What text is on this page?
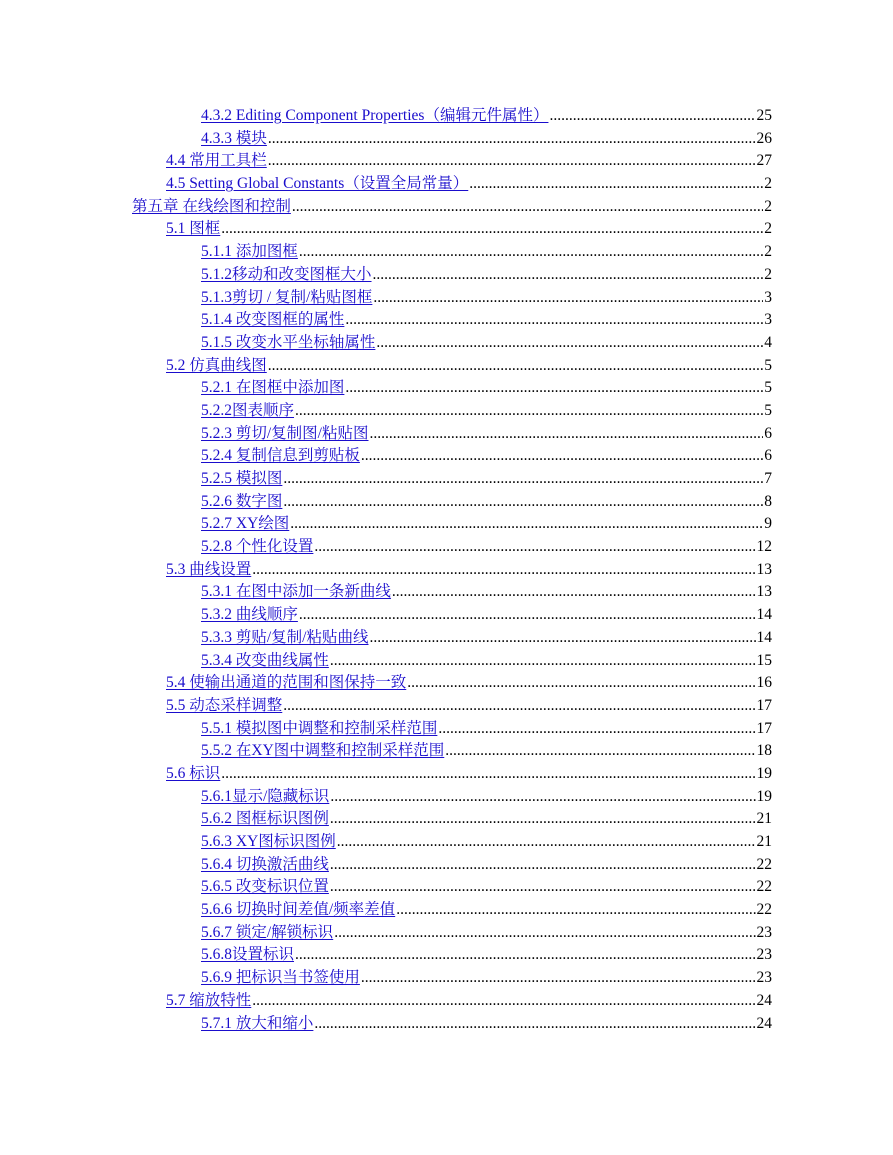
4.3.2 Editing Component Properties（编辑元件属性） .....	25
4.3.3 模块 .....	26
4.4 常用工具栏 .....	27
4.5 Setting Global Constants（设置全局常量） .....	2
第五章 在线绘图和控制 .....	2
5.1 图框 .....	2
5.1.1 添加图框 .....	2
5.1.2移动和改变图框大小 .....	2
5.1.3剪切 / 复制/粘贴图框 .....	3
5.1.4 改变图框的属性 .....	3
5.1.5 改变水平坐标轴属性 .....	4
5.2 仿真曲线图 .....	5
5.2.1 在图框中添加图 .....	5
5.2.2图表顺序 .....	5
5.2.3 剪切/复制图/粘贴图 .....	6
5.2.4 复制信息到剪贴板 .....	6
5.2.5 模拟图 .....	7
5.2.6 数字图 .....	8
5.2.7 XY绘图 .....	9
5.2.8 个性化设置 .....	12
5.3 曲线设置 .....	13
5.3.1 在图中添加一条新曲线 .....	13
5.3.2 曲线顺序 .....	14
5.3.3 剪贴/复制/粘贴曲线 .....	14
5.3.4 改变曲线属性 .....	15
5.4 使输出通道的范围和图保持一致 .....	16
5.5 动态采样调整 .....	17
5.5.1 模拟图中调整和控制采样范围 .....	17
5.5.2 在XY图中调整和控制采样范围 .....	18
5.6 标识 .....	19
5.6.1显示/隐藏标识 .....	19
5.6.2 图框标识图例 .....	21
5.6.3 XY图标识图例 .....	21
5.6.4 切换激活曲线 .....	22
5.6.5 改变标识位置 .....	22
5.6.6 切换时间差值/频率差值 .....	22
5.6.7 锁定/解锁标识 .....	23
5.6.8设置标识 .....	23
5.6.9 把标识当书签使用 .....	23
5.7 缩放特性 .....	24
5.7.1 放大和缩小 .....	24
